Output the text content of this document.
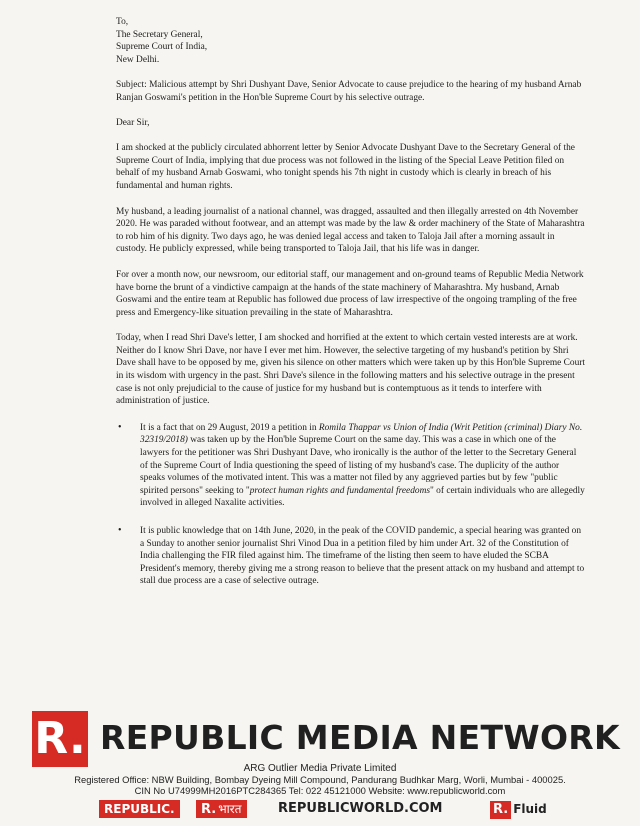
To,
The Secretary General,
Supreme Court of India,
New Delhi.
Subject: Malicious attempt by Shri Dushyant Dave, Senior Advocate to cause prejudice to the hearing of my husband Arnab Ranjan Goswami's petition in the Hon'ble Supreme Court by his selective outrage.
Dear Sir,

I am shocked at the publicly circulated abhorrent letter by Senior Advocate Dushyant Dave to the Secretary General of the Supreme Court of India, implying that due process was not followed in the listing of the Special Leave Petition filed on behalf of my husband Arnab Goswami, who tonight spends his 7th night in custody which is clearly in breach of his fundamental and human rights.

My husband, a leading journalist of a national channel, was dragged, assaulted and then illegally arrested on 4th November 2020. He was paraded without footwear, and an attempt was made by the law & order machinery of the State of Maharashtra to rob him of his dignity. Two days ago, he was denied legal access and taken to Taloja Jail after a morning assault in custody. He publicly expressed, while being transported to Taloja Jail, that his life was in danger.

For over a month now, our newsroom, our editorial staff, our management and on-ground teams of Republic Media Network have borne the brunt of a vindictive campaign at the hands of the state machinery of Maharashtra. My husband, Arnab Goswami and the entire team at Republic has followed due process of law irrespective of the ongoing trampling of the free press and Emergency-like situation prevailing in the state of Maharashtra.

Today, when I read Shri Dave's letter, I am shocked and horrified at the extent to which certain vested interests are at work. Neither do I know Shri Dave, nor have I ever met him. However, the selective targeting of my husband's petition by Shri Dave shall have to be opposed by me, given his silence on other matters which were taken up by this Hon'ble Supreme Court in its wisdom with urgency in the past. Shri Dave's silence in the following matters and his selective outrage in the present case is not only prejudicial to the cause of justice for my husband but is contemptuous as it tends to interfere with administration of justice.

• It is a fact that on 29 August, 2019 a petition in Romila Thappar vs Union of India (Writ Petition (criminal) Diary No. 32319/2018) was taken up by the Hon'ble Supreme Court on the same day. This was a case in which one of the lawyers for the petitioner was Shri Dushyant Dave, who ironically is the author of the letter to the Secretary General of the Supreme Court of India questioning the speed of listing of my husband's case. The duplicity of the author speaks volumes of the motivated intent. This was a matter not filed by any aggrieved parties but by few "public spirited persons" seeking to "protect human rights and fundamental freedoms" of certain individuals who are allegedly involved in alleged Naxalite activities.
• It is public knowledge that on 14th June, 2020, in the peak of the COVID pandemic, a special hearing was granted on a Sunday to another senior journalist Shri Vinod Dua in a petition filed by him under Art. 32 of the Constitution of India challenging the FIR filed against him. The timeframe of the listing then seem to have eluded the SCBA President's memory, thereby giving me a strong reason to believe that the present attack on my husband and attempt to stall due process are a case of selective outrage.
R. REPUBLIC MEDIA NETWORK
ARG Outlier Media Private Limited
Registered Office: NBW Building, Bombay Dyeing Mill Compound, Pandurang Budhkar Marg, Worli, Mumbai - 400025.
CIN No U74999MH2016PTC284365 Tel: 022 45121000 Website: www.republicworld.com
REPUBLIC.	R. भारत	REPUBLICWORLD.COM	R. Fluid
